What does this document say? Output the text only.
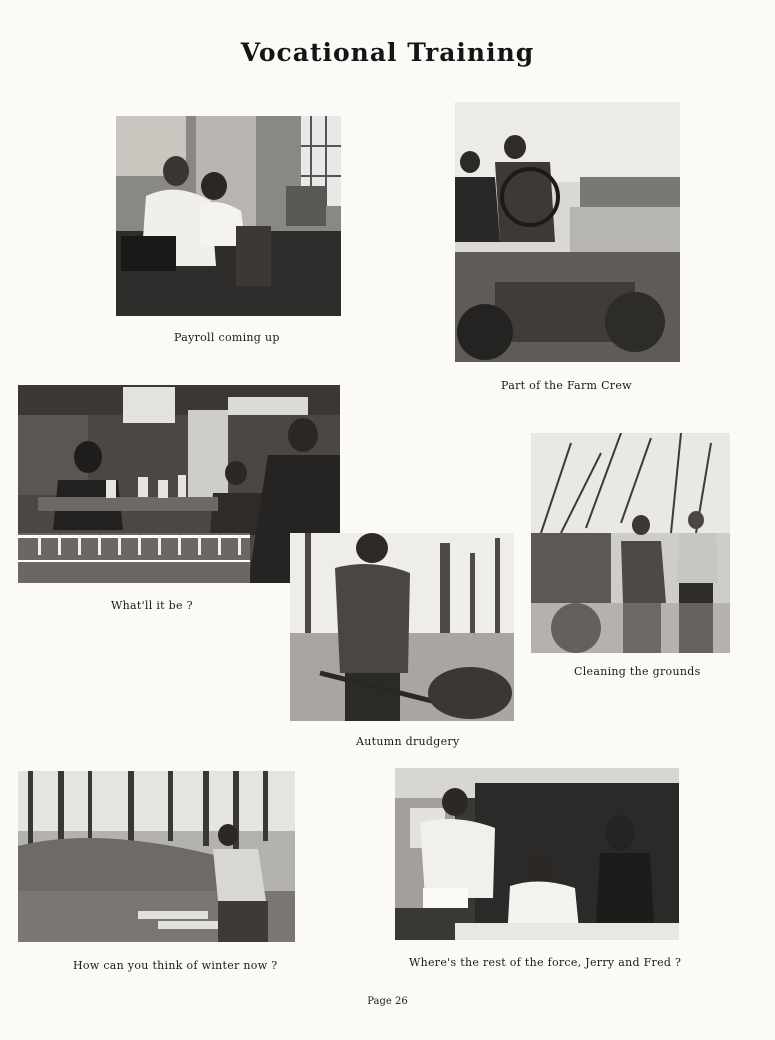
Vocational Training
Payroll coming up
Part of the Farm Crew
What'll it be ?
Cleaning the grounds
Autumn drudgery
How can you think of winter now ?	Where's the rest of the force, Jerry and Fred ?
Page 26
